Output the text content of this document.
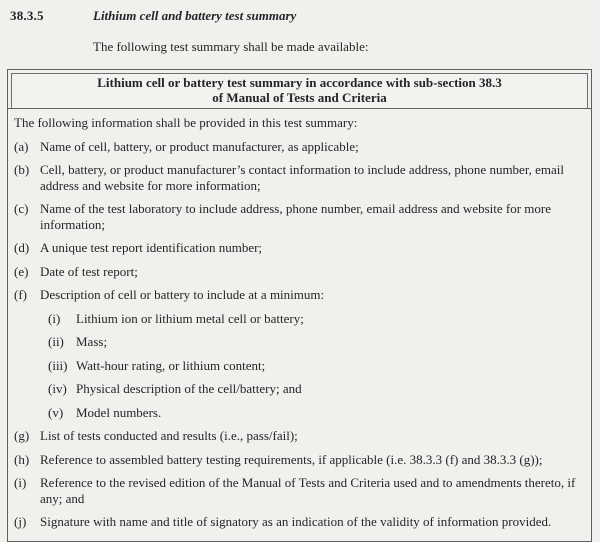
38.3.5	Lithium cell and battery test summary
The following test summary shall be made available:
Lithium cell or battery test summary in accordance with sub-section 38.3
of Manual of Tests and Criteria
The following information shall be provided in this test summary:
(a) Name of cell, battery, or product manufacturer, as applicable;
(b) Cell, battery, or product manufacturer’s contact information to include address, phone number, email address and website for more information;
(c) Name of the test laboratory to include address, phone number, email address and website for more information;
(d) A unique test report identification number;
(e) Date of test report;
(f)	Description of cell or battery to include at a minimum:
(i)	Lithium ion or lithium metal cell or battery;
(ii) Mass;
(iii) Watt-hour rating, or lithium content;
(iv) Physical description of the cell/battery; and
(v) Model numbers.
(g) List of tests conducted and results (i.e., pass/fail);
(h) Reference to assembled battery testing requirements, if applicable (i.e. 38.3.3 (f) and 38.3.3 (g));
(i)	Reference to the revised edition of the Manual of Tests and Criteria used and to amendments thereto, if any; and
(j)	Signature with name and title of signatory as an indication of the validity of information provided.
